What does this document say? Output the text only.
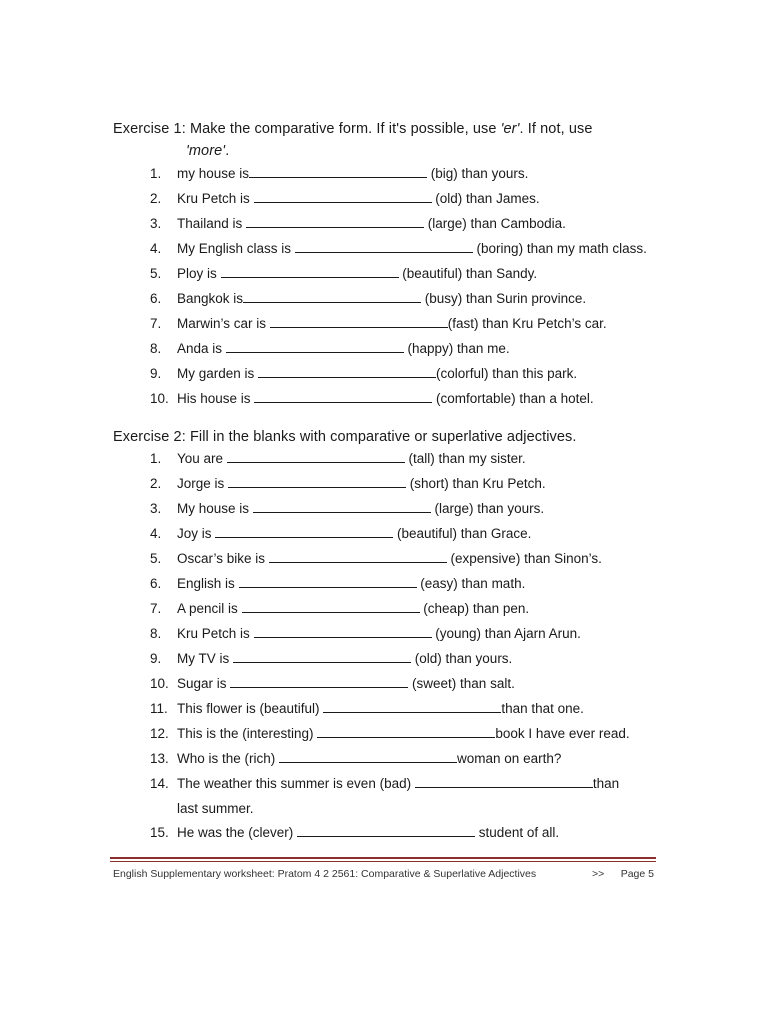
Exercise 1: Make the comparative form. If it's possible, use 'er'. If not, use
'more'.
1. my house is	(big) than yours.
2. Kru Petch is	(old) than James.
3. Thailand is	(large) than Cambodia.
4. My English class is	(boring) than my math class.
5. Ploy is	(beautiful) than Sandy.
6. Bangkok is	(busy) than Surin province.
7. Marwin’s car is	(fast) than Kru Petch’s car.
8. Anda is	(happy) than me.
9. My garden is	(colorful) than this park.
10. His house is	(comfortable) than a hotel.
Exercise 2: Fill in the blanks with comparative or superlative adjectives.
1. You are	(tall) than my sister.
2. Jorge is	(short) than Kru Petch.
3. My house is	(large) than yours.
4. Joy is	(beautiful) than Grace.
5. Oscar’s bike is	(expensive) than Sinon’s.
6. English is	(easy) than math.
7. A pencil is	(cheap) than pen.
8. Kru Petch is	(young) than Ajarn Arun.
9. My TV is	(old) than yours.
10. Sugar is	(sweet) than salt.
11. This flower is (beautiful)	than that one.
12. This is the (interesting)	book I have ever read.
13. Who is the (rich)	woman on earth?
14. The weather this summer is even (bad)	than
last summer.
15. He was the (clever)	student of all.
English Supplementary worksheet: Pratom 4 2 2561: Comparative & Superlative Adjectives	>> Page 5
